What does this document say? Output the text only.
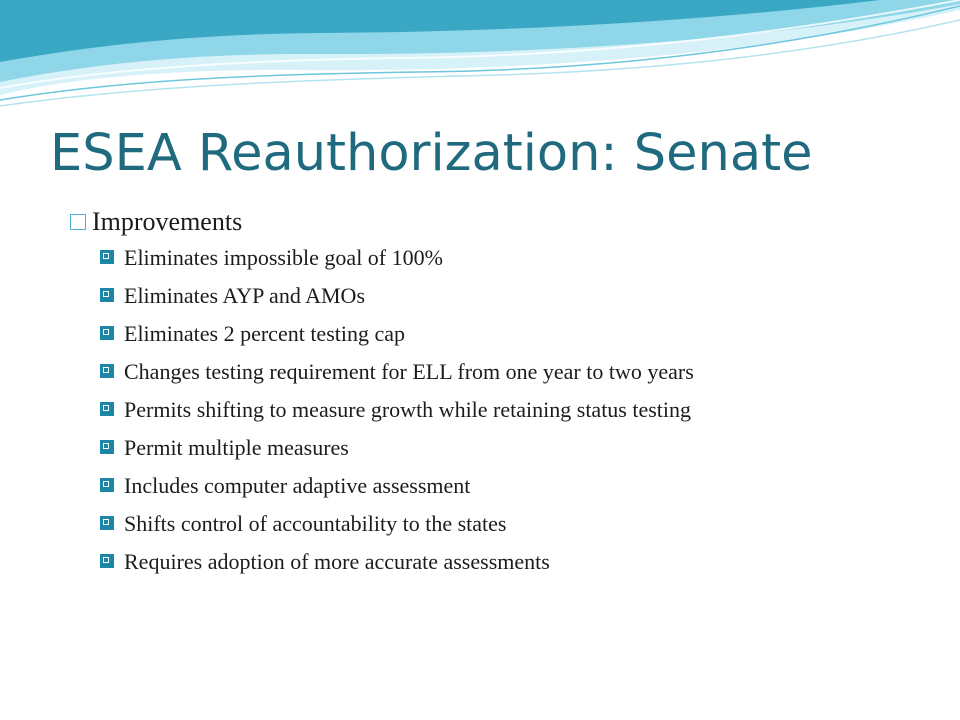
ESEA Reauthorization: Senate
Improvements
Eliminates impossible goal of 100%
Eliminates AYP and AMOs
Eliminates 2 percent testing cap
Changes testing requirement for ELL from one year to two years
Permits shifting to measure growth while retaining status testing
Permit multiple measures
Includes computer adaptive assessment
Shifts control of accountability to the states
Requires adoption of more accurate assessments
